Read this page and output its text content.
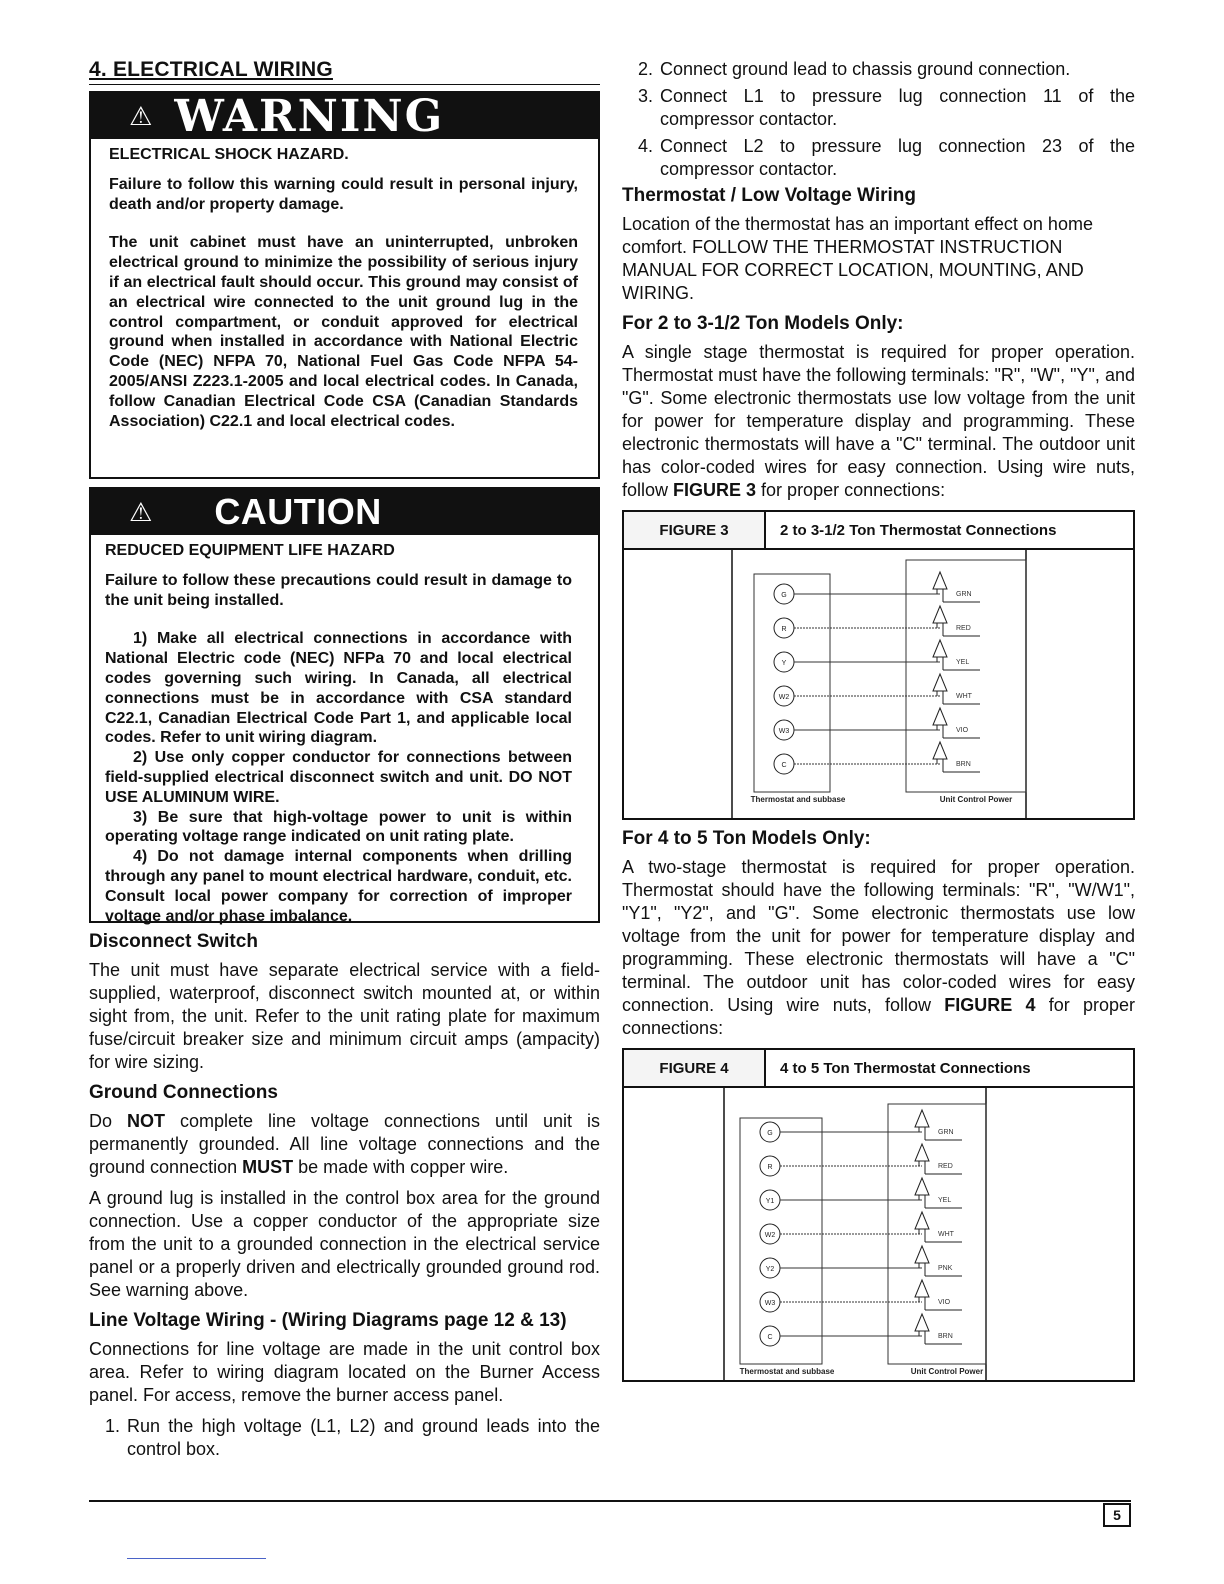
4. ELECTRICAL WIRING
⚠ WARNING

ELECTRICAL SHOCK HAZARD.

Failure to follow this warning could result in personal injury, death and/or property damage.

The unit cabinet must have an uninterrupted, unbroken electrical ground to minimize the possibility of serious injury if an electrical fault should occur. This ground may consist of an electrical wire connected to the unit ground lug in the control compartment, or conduit approved for electrical ground when installed in accordance with National Electric Code (NEC) NFPA 70, National Fuel Gas Code NFPA 54-2005/ANSI Z223.1-2005 and local electrical codes. In Canada, follow Canadian Electrical Code CSA (Canadian Standards Association) C22.1 and local electrical codes.

⚠ CAUTION

REDUCED EQUIPMENT LIFE HAZARD

Failure to follow these precautions could result in damage to the unit being installed.

1) Make all electrical connections in accordance with National Electric code (NEC) NFPa 70 and local electrical codes governing such wiring. In Canada, all electrical connections must be in accordance with CSA standard C22.1, Canadian Electrical Code Part 1, and applicable local codes. Refer to unit wiring diagram.

2) Use only copper conductor for connections between field-supplied electrical disconnect switch and unit. DO NOT USE ALUMINUM WIRE.

3) Be sure that high-voltage power to unit is within operating voltage range indicated on unit rating plate.

4) Do not damage internal components when drilling through any panel to mount electrical hardware, conduit, etc. Consult local power company for correction of improper voltage and/or phase imbalance.

Disconnect Switch

The unit must have separate electrical service with a field-supplied, waterproof, disconnect switch mounted at, or within sight from, the unit. Refer to the unit rating plate for maximum fuse/circuit breaker size and minimum circuit amps (ampacity) for wire sizing.

Ground Connections

Do NOT complete line voltage connections until unit is permanently grounded. All line voltage connections and the ground connection MUST be made with copper wire.

A ground lug is installed in the control box area for the ground connection. Use a copper conductor of the appropriate size from the unit to a grounded connection in the electrical service panel or a properly driven and electrically grounded ground rod. See warning above.

Line Voltage Wiring - (Wiring Diagrams page 12 & 13)

Connections for line voltage are made in the unit control box area. Refer to wiring diagram located on the Burner Access panel. For access, remove the burner access panel.

1. Run the high voltage (L1, L2) and ground leads into the control box.
2. Connect ground lead to chassis ground connection.
3. Connect L1 to pressure lug connection 11 of the compressor contactor.
4. Connect L2 to pressure lug connection 23 of the compressor contactor.
Thermostat / Low Voltage Wiring

Location of the thermostat has an important effect on home comfort. FOLLOW THE THERMOSTAT INSTRUCTION MANUAL FOR CORRECT LOCATION, MOUNTING, AND WIRING.

For 2 to 3-1/2 Ton Models Only:

A single stage thermostat is required for proper operation. Thermostat must have the following terminals: "R", "W", "Y", and "G". Some electronic thermostats use low voltage from the unit for power for temperature display and programming. These electronic thermostats will have a "C" terminal. The outdoor unit has color-coded wires for easy connection. Using wire nuts, follow FIGURE 3 for proper connections:

FIGURE 3	2 to 3-1/2 Ton Thermostat Connections
G	GRN
R	RED
Y	YEL
W2	WHT
W3	VIO
C	BRN
Thermostat and subbase	Unit Control Power
For 4 to 5 Ton Models Only:

A two-stage thermostat is required for proper operation. Thermostat should have the following terminals: "R", "W/W1", "Y1", "Y2", and "G". Some electronic thermostats use low voltage from the unit for power for temperature display and programming. These electronic thermostats will have a "C" terminal. The outdoor unit has color-coded wires for easy connection. Using wire nuts, follow FIGURE 4 for proper connections:

FIGURE 4	4 to 5 Ton Thermostat Connections
G	GRN
R	RED
Y1	YEL
W2	WHT
Y2	PNK
W3	VIO
C	BRN
Thermostat and subbase	Unit Control Power
5
